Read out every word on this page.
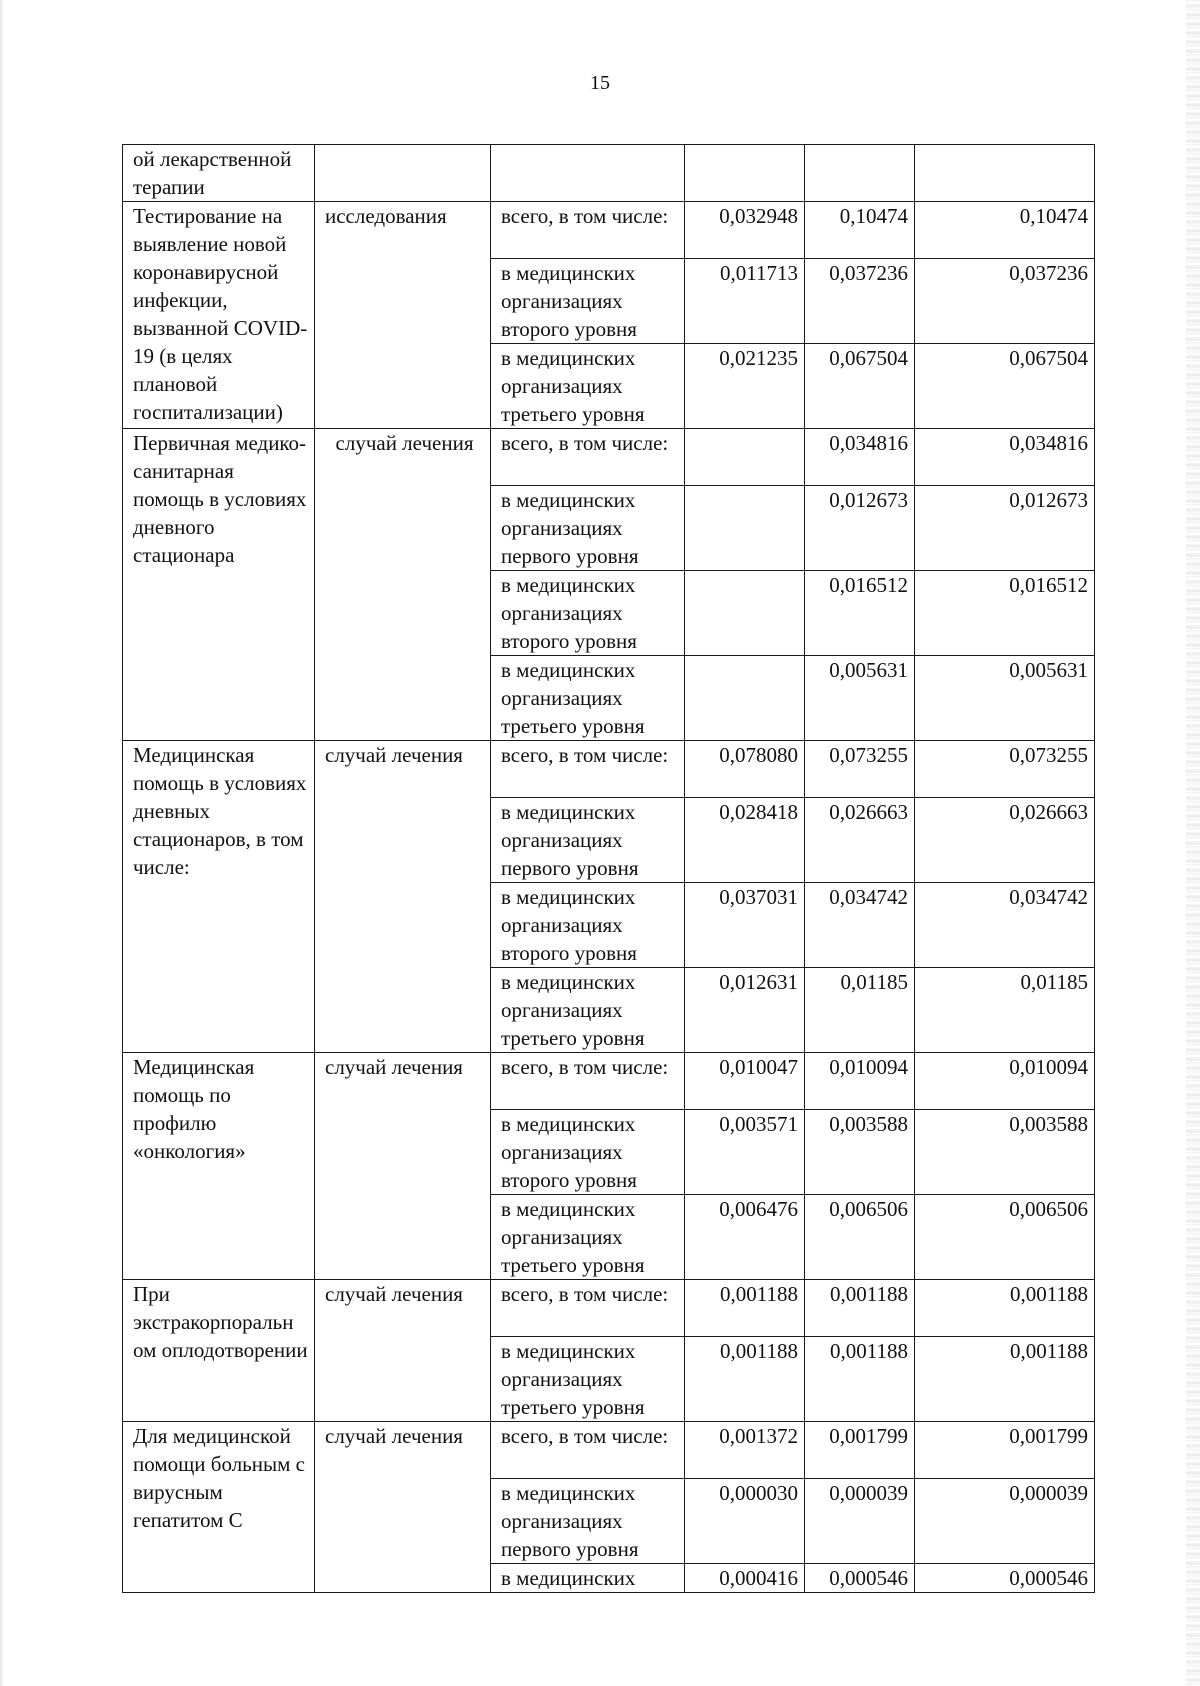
15
ой лекарственной терапии					
Тестирование на выявление новой коронавирусной инфекции, вызванной COVID-19 (в целях плановой госпитализации)	исследования	всего, в том числе:	0,032948	0,10474	0,10474
		в медицинских организациях второго уровня	0,011713	0,037236	0,037236
		в медицинских организациях третьего уровня	0,021235	0,067504	0,067504
Первичная медико-санитарная помощь в условиях дневного стационара	случай лечения	всего, в том числе:		0,034816	0,034816
		в медицинских организациях первого уровня		0,012673	0,012673
		в медицинских организациях второго уровня		0,016512	0,016512
		в медицинских организациях третьего уровня		0,005631	0,005631
Медицинская помощь в условиях дневных стационаров, в том числе:	случай лечения	всего, в том числе:	0,078080	0,073255	0,073255
		в медицинских организациях первого уровня	0,028418	0,026663	0,026663
		в медицинских организациях второго уровня	0,037031	0,034742	0,034742
		в медицинских организациях третьего уровня	0,012631	0,01185	0,01185
Медицинская помощь по профилю «онкология»	случай лечения	всего, в том числе:	0,010047	0,010094	0,010094
		в медицинских организациях второго уровня	0,003571	0,003588	0,003588
		в медицинских организациях третьего уровня	0,006476	0,006506	0,006506
При экстракорпоральн ом оплодотворении	случай лечения	всего, в том числе:	0,001188	0,001188	0,001188
		в медицинских организациях третьего уровня	0,001188	0,001188	0,001188
Для медицинской помощи больным с вирусным гепатитом С	случай лечения	всего, в том числе:	0,001372	0,001799	0,001799
		в медицинских организациях первого уровня	0,000030	0,000039	0,000039
		в медицинских	0,000416	0,000546	0,000546
